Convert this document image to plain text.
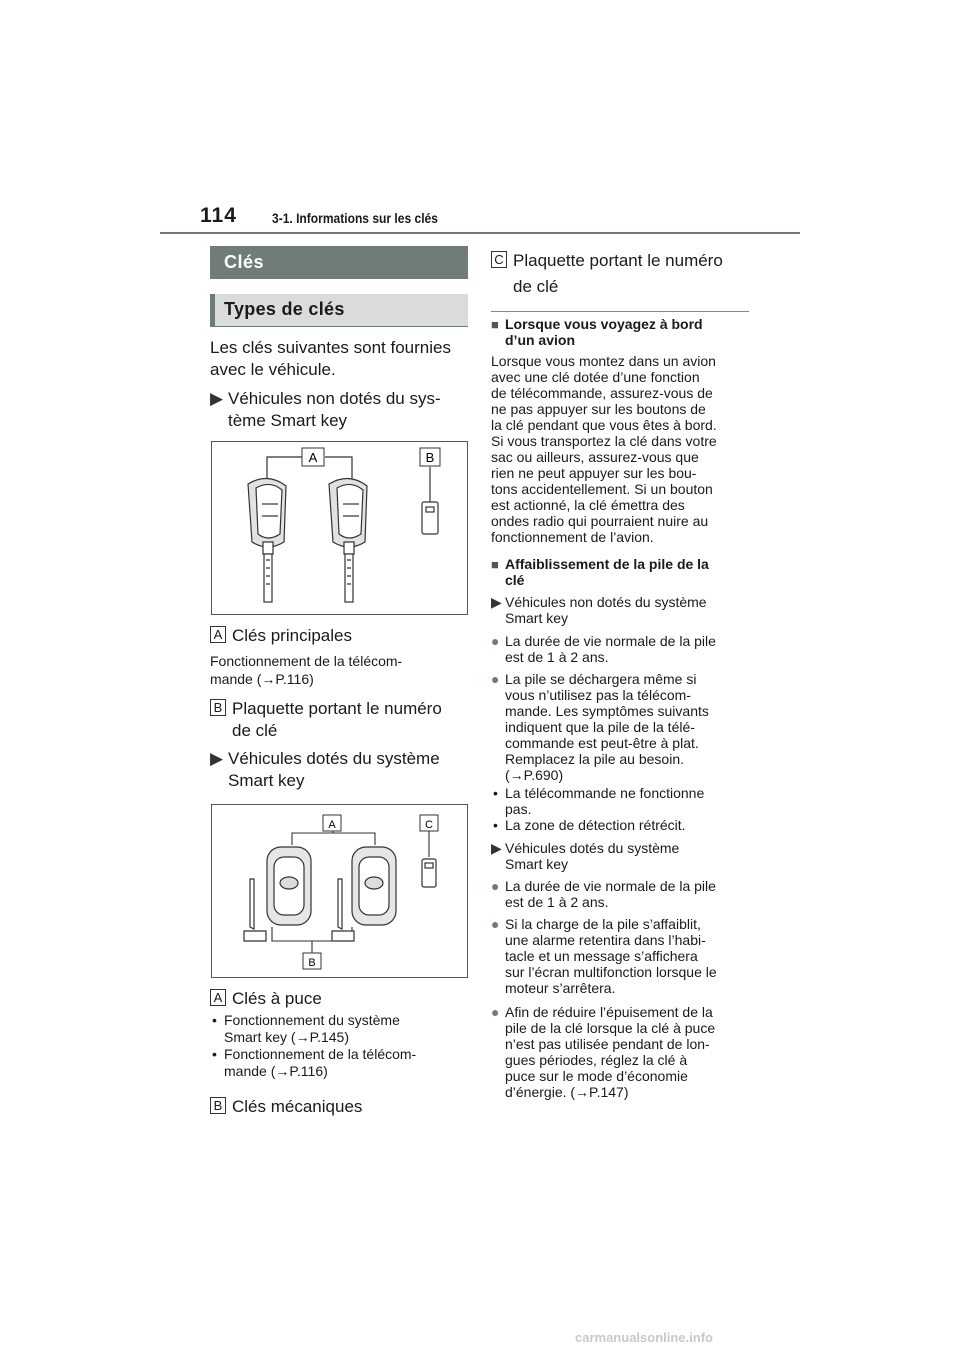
114	3-1. Informations sur les clés
Clés
Types de clés
Les clés suivantes sont fournies
avec le véhicule.
▶ Véhicules non dotés du sys-
tème Smart key
A	B
A Clés principales
Fonctionnement de la télécom-
mande (→P.116)
B Plaquette portant le numéro
de clé
▶ Véhicules dotés du système
Smart key
A
B
C
A Clés à puce
• Fonctionnement du système
Smart key (→P.145)
• Fonctionnement de la télécom-
mande (→P.116)
B Clés mécaniques
C Plaquette portant le numéro
de clé
■ Lorsque vous voyagez à bord
d’un avion
Lorsque vous montez dans un avion
avec une clé dotée d’une fonction
de télécommande, assurez-vous de
ne pas appuyer sur les boutons de
la clé pendant que vous êtes à bord.
Si vous transportez la clé dans votre
sac ou ailleurs, assurez-vous que
rien ne peut appuyer sur les bou-
tons accidentellement. Si un bouton
est actionné, la clé émettra des
ondes radio qui pourraient nuire au
fonctionnement de l’avion.
■ Affaiblissement de la pile de la
clé
▶ Véhicules non dotés du système
Smart key
● La durée de vie normale de la pile
est de 1 à 2 ans.
● La pile se déchargera même si
vous n’utilisez pas la télécom-
mande. Les symptômes suivants
indiquent que la pile de la télé-
commande est peut-être à plat.
Remplacez la pile au besoin.
(→P.690)
• La télécommande ne fonctionne
pas.
• La zone de détection rétrécit.
▶ Véhicules dotés du système
Smart key
● La durée de vie normale de la pile
est de 1 à 2 ans.
● Si la charge de la pile s’affaiblit,
une alarme retentira dans l’habi-
tacle et un message s’affichera
sur l’écran multifonction lorsque le
moteur s’arrêtera.
● Afin de réduire l’épuisement de la
pile de la clé lorsque la clé à puce
n’est pas utilisée pendant de lon-
gues périodes, réglez la clé à
puce sur le mode d’économie
d’énergie. (→P.147)
carmanualsonline.info
